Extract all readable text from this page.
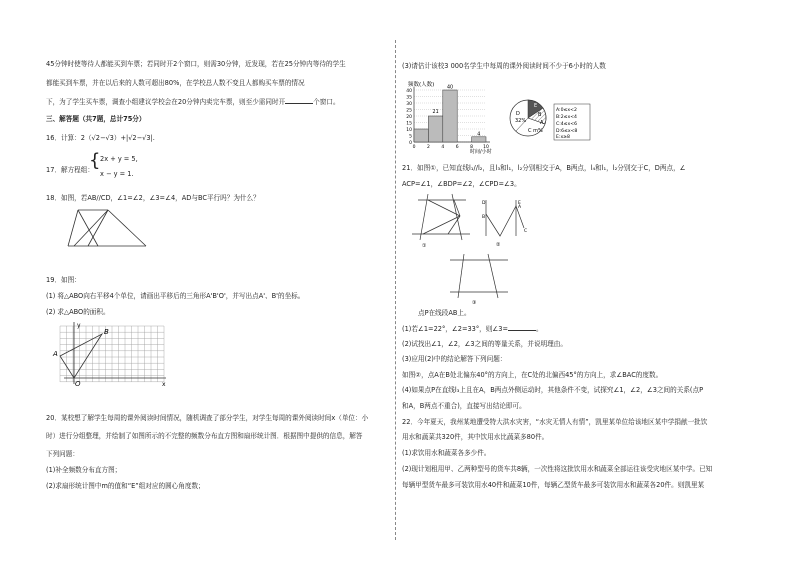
45分钟时使等待人都能买到车票；若同时开2个窗口，则需30分钟，近发现，若在25分钟内等待的学生
都能买到车票，并在以后来的人数可超出80%，在学校总人数不变且人都购买车票的情况
下，为了学生买车票，调查小组建议学校会在20分钟内卖完车票，则至少需同时开	个窗口。
三、解答题（共7题，总计75分）
16．计算：2（√2−√3）+|√2−√3|.
17．解方程组：
{ 2x + y = 5,
x − y = 1.
18．如图，若AB//CD，∠1=∠2，∠3=∠4，AD与BC平行吗？为什么？
19．如图：
(1) 将△ABO向右平移4个单位，请画出平移后的三角形A'B'O'，并写出点A'、B'的坐标。
(2) 求△ABO的面积。
y
x
A
B
O
20．某校想了解学生每周的课外阅读时间情况，随机调查了部分学生，对学生每周的课外阅读时间x（单位：小
时）进行分组整理，并绘制了如图所示的不完整的频数分布直方图和扇形统计图．根据图中提供的信息，解答
下列问题：
(1)补全频数分布直方图；
(2)求扇形统计图中m的值和“E”组对应的圆心角度数；
(3)请估计该校3 000名学生中每周的课外阅读时间不少于6小时的人数
频数(人数)
时间/小时
0
5
10
15
20
25
30
35
40
0	2	4	6	8 10
21
40
4
D
32%
C m%
E
B
A
A:0≤x<2
B:2≤x<4
C:4≤x<6
D:6≤x<8
E:x≥8
21．如图①，已知直线l₁//l₂，且l₃和l₁，l₂分别相交于A，B两点，l₄和l₁，l₂分别交于C，D两点，∠
ACP=∠1，∠BDP=∠2，∠CPD=∠3。
①
D	E
B
A
C
②
③
点P在线段AB上。
(1)若∠1=22°，∠2=33°，则∠3=	。
(2)试找出∠1，∠2，∠3之间的等量关系，并说明理由。
(3)应用(2)中的结论解答下列问题：
如图②，点A在B处北偏东40°的方向上，在C处的北偏西45°的方向上，求∠BAC的度数。
(4)如果点P在直线l₃上且在A，B两点外侧运动时，其他条件不变，试探究∠1，∠2，∠3之间的关系(点P
和A，B两点不重合)，直接写出结论即可。
22．今年夏天，我州某地遭受特大洪水灾害，“水灾无情人有情”，凯里某单位给该地区某中学捐献一批饮
用水和蔬菜共320件，其中饮用水比蔬菜多80件。
(1)求饮用水和蔬菜各多少件。
(2)现计划租用甲、乙两种型号的货车共8辆，一次性将这批饮用水和蔬菜全部运往该受灾地区某中学。已知
每辆甲型货车最多可装饮用水40件和蔬菜10件，每辆乙型货车最多可装饮用水和蔬菜各20件。则凯里某
